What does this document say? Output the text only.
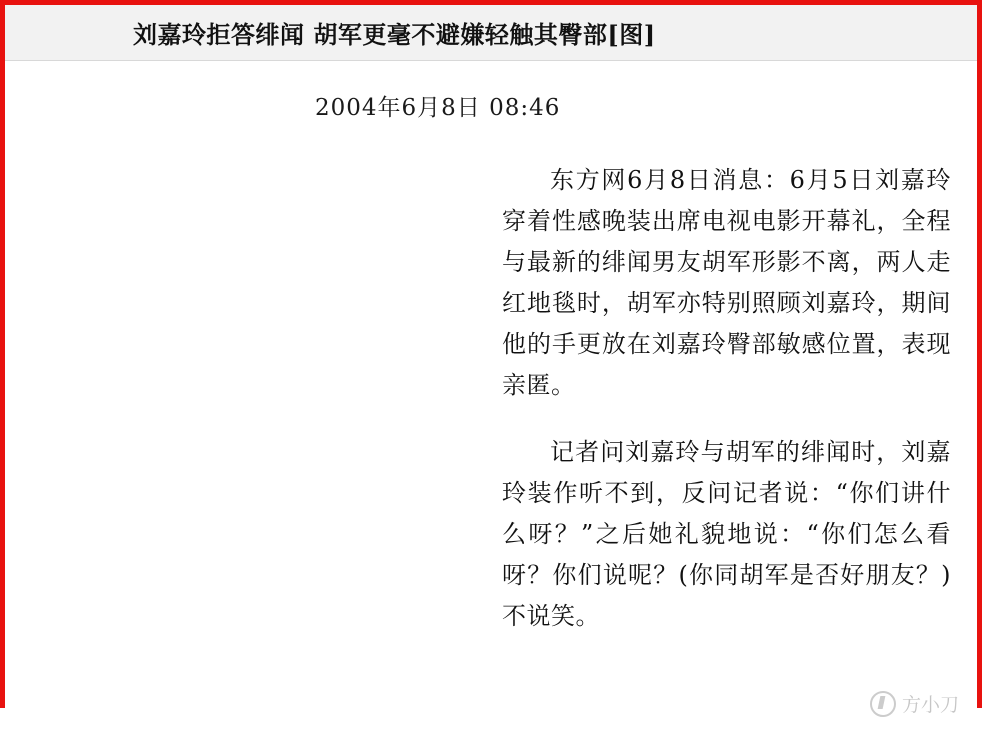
刘嘉玲拒答绯闻 胡军更毫不避嫌轻触其臀部[图]
2004年6月8日 08:46

东方网6月8日消息：6月5日刘嘉玲穿着性感晚装出席电视电影开幕礼，全程与最新的绯闻男友胡军形影不离，两人走红地毯时，胡军亦特别照顾刘嘉玲，期间他的手更放在刘嘉玲臀部敏感位置，表现亲匿。

记者问刘嘉玲与胡军的绯闻时，刘嘉玲装作听不到，反问记者说：“你们讲什么呀？”之后她礼貌地说：“你们怎么看呀？你们说呢？(你同胡军是否好朋友？)不说笑。

方小刀
